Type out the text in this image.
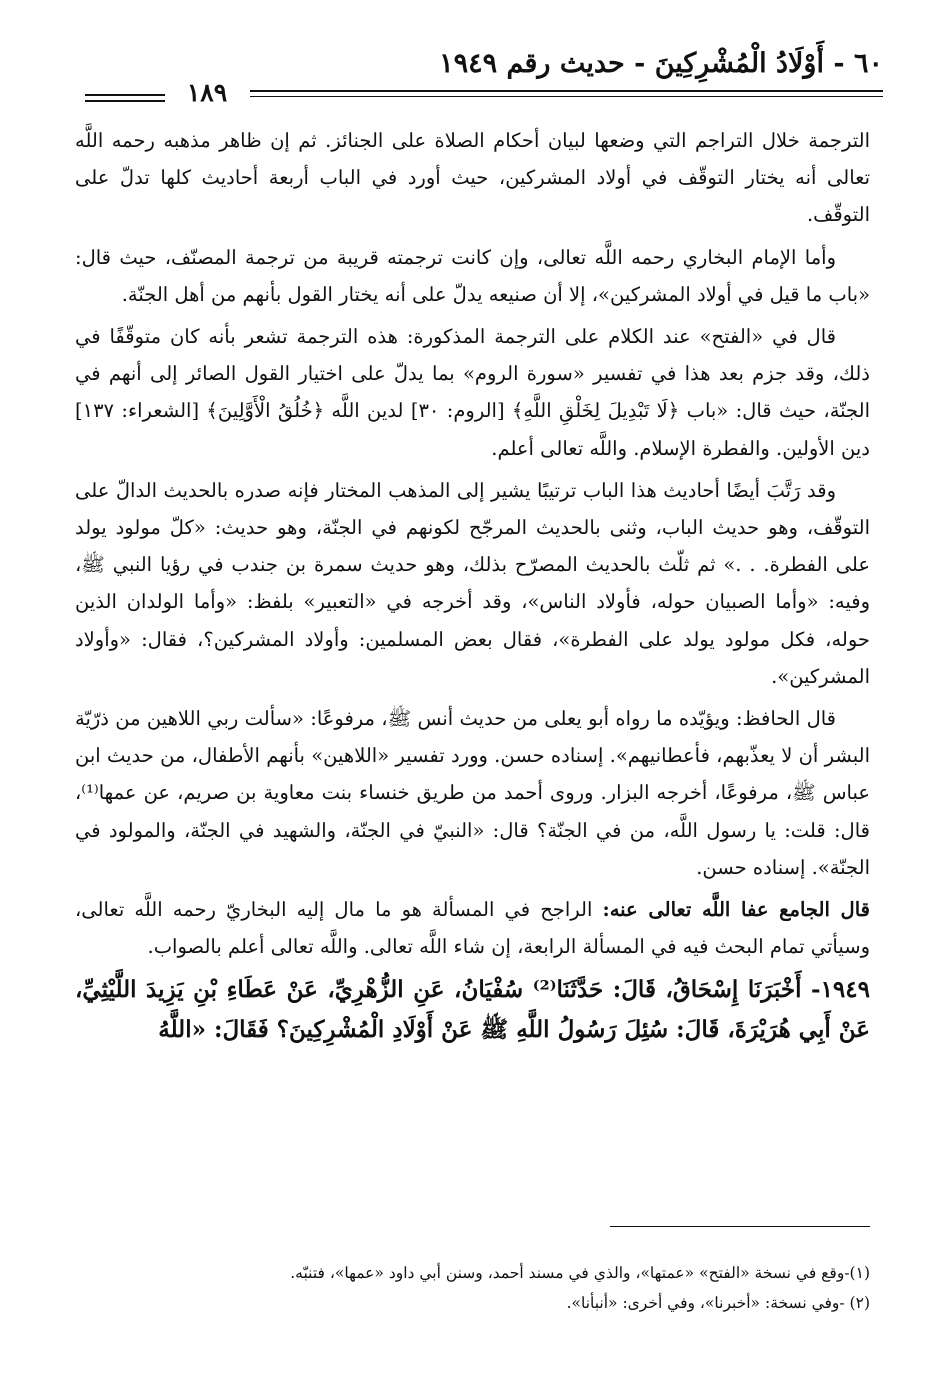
٦٠ - أَوْلَادُ الْمُشْرِكِينَ - حديث رقم ١٩٤٩
١٨٩

الترجمة خلال التراجم التي وضعها لبيان أحكام الصلاة على الجنائز. ثم إن ظاهر مذهبه رحمه اللَّه تعالى أنه يختار التوقّف في أولاد المشركين، حيث أورد في الباب أربعة أحاديث كلها تدلّ على التوقّف.

وأما الإمام البخاري رحمه اللَّه تعالى، وإن كانت ترجمته قريبة من ترجمة المصنّف، حيث قال: «باب ما قيل في أولاد المشركين»، إلا أن صنيعه يدلّ على أنه يختار القول بأنهم من أهل الجنّة.

قال في «الفتح» عند الكلام على الترجمة المذكورة: هذه الترجمة تشعر بأنه كان متوقّفًا في ذلك، وقد جزم بعد هذا في تفسير «سورة الروم» بما يدلّ على اختيار القول الصائر إلى أنهم في الجنّة، حيث قال: «باب ﴿لَا تَبْدِيلَ لِخَلْقِ اللَّهِ﴾ [الروم: ٣٠] لدين اللَّه ﴿خُلُقُ الْأَوَّلِينَ﴾ [الشعراء: ١٣٧] دين الأولين. والفطرة الإسلام. واللَّه تعالى أعلم.

وقد رَتَّبَ أيضًا أحاديث هذا الباب ترتيبًا يشير إلى المذهب المختار فإنه صدره بالحديث الدالّ على التوقّف، وهو حديث الباب، وثنى بالحديث المرجّح لكونهم في الجنّة، وهو حديث: «كلّ مولود يولد على الفطرة. . .» ثم ثلّث بالحديث المصرّح بذلك، وهو حديث سمرة بن جندب في رؤيا النبي ﷺ، وفيه: «وأما الصبيان حوله، فأولاد الناس»، وقد أخرجه في «التعبير» بلفظ: «وأما الولدان الذين حوله، فكل مولود يولد على الفطرة»، فقال بعض المسلمين: وأولاد المشركين؟، فقال: «وأولاد المشركين».

قال الحافظ: ويؤيّده ما رواه أبو يعلى من حديث أنس ﷺ، مرفوعًا: «سألت ربي اللاهين من ذرّيّة البشر أن لا يعذّبهم، فأعطانيهم». إسناده حسن. وورد تفسير «اللاهين» بأنهم الأطفال، من حديث ابن عباس ﷺ، مرفوعًا، أخرجه البزار. وروى أحمد من طريق خنساء بنت معاوية بن صريم، عن عمها⁽¹⁾، قال: قلت: يا رسول اللَّه، من في الجنّة؟ قال: «النبيّ في الجنّة، والشهيد في الجنّة، والمولود في الجنّة». إسناده حسن.

قال الجامع عفا اللَّه تعالى عنه: الراجح في المسألة هو ما مال إليه البخاريّ رحمه اللَّه تعالى، وسيأتي تمام البحث فيه في المسألة الرابعة، إن شاء اللَّه تعالى. واللَّه تعالى أعلم بالصواب.

١٩٤٩- أَخْبَرَنَا إِسْحَاقُ، قَالَ: حَدَّثَنَا⁽²⁾ سُفْيَانُ، عَنِ الزُّهْرِيِّ، عَنْ عَطَاءِ بْنِ يَزِيدَ اللَّيْثِيِّ، عَنْ أَبِي هُرَيْرَةَ، قَالَ: سُئِلَ رَسُولُ اللَّهِ ﷺ عَنْ أَوْلَادِ الْمُشْرِكِينَ؟ فَقَالَ: «اللَّهُ

(١)-وقع في نسخة «الفتح» «عمتها»، والذي في مسند أحمد، وسنن أبي داود «عمها»، فتنبّه.
(٢) -وفي نسخة: «أخبرنا»، وفي أخرى: «أنبأنا».
